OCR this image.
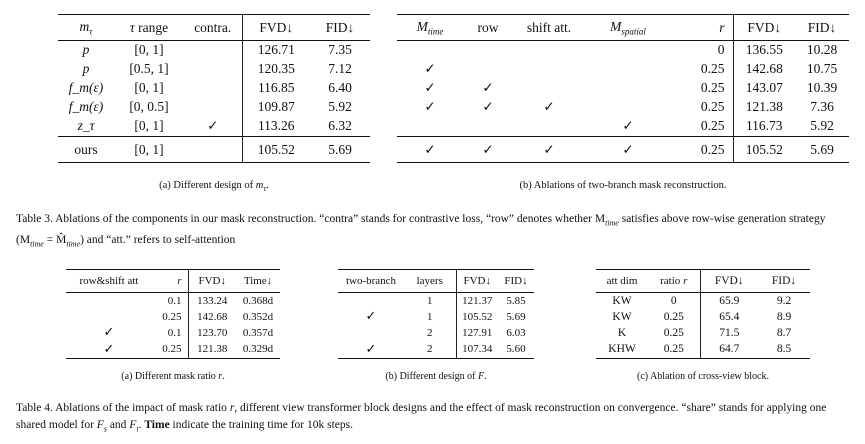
$m_\tau$	τ range	contra.	FVD↓	FID↓
p	[0, 1]		126.71	7.35
p	[0.5, 1]		120.35	7.12
f_m(ε)	[0, 1]		116.85	6.40
f_m(ε)	[0, 0.5]		109.87	5.92
z_τ	[0, 1]	✓	113.26	6.32
ours	[0, 1]		105.52	5.69
(a) Different design of $m_\tau$.
$M_{time}$	row	shift att.	$M_{spatial}$	r	FVD↓	FID↓
				0	136.55	10.28
✓				0.25	142.68	10.75
✓	✓			0.25	143.07	10.39
✓	✓	✓		0.25	121.38	7.36
			✓	0.25	116.73	5.92
✓	✓	✓	✓	0.25	105.52	5.69
(b) Ablations of two-branch mask reconstruction.
Table 3. Ablations of the components in our mask reconstruction. “contra” stands for contrastive loss, “row” denotes whether $M_{time}$ satisfies above row-wise generation strategy ($M_{time}$ = $M̂_{time}$) and “att.” refers to self-attention
row&shift att	r	FVD↓	Time↓
	0.1	133.24	0.368d
	0.25	142.68	0.352d
✓	0.1	123.70	0.357d
✓	0.25	121.38	0.329d
(a) Different mask ratio r.
two-branch	layers	FVD↓	FID↓
	1	121.37	5.85
✓	1	105.52	5.69
	2	127.91	6.03
✓	2	107.34	5.60
(b) Different design of F.
att dim	ratio r	FVD↓	FID↓
KW	0	65.9	9.2
KW	0.25	65.4	8.9
K	0.25	71.5	8.7
KHW	0.25	64.7	8.5
(c) Ablation of cross-view block.
Table 4. Ablations of the impact of mask ratio r, different view transformer block designs and the effect of mask reconstruction on convergence. “share” stands for applying one shared model for $F_s$ and $F_t$. Time indicate the training time for 10k steps.
